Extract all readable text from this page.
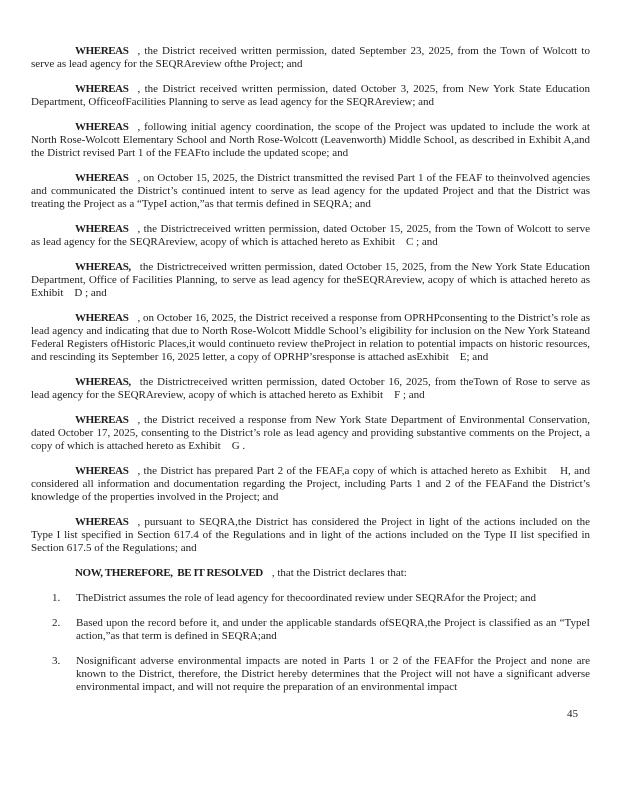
WHEREAS , the District received written permission, dated September 23, 2025, from the Town of Wolcott to serve as lead agency for the SEQRAreview ofthe Project; and

WHEREAS , the District received written permission, dated October 3, 2025, from New York State Education Department, OfficeofFacilities Planning to serve as lead agency for the SEQRAreview; and

WHEREAS , following initial agency coordination, the scope of the Project was updated to include the work at North Rose-Wolcott Elementary School and North Rose-Wolcott (Leavenworth) Middle School, as described in Exhibit A,and the District revised Part 1 of the FEAFto include the updated scope; and

WHEREAS , on October 15, 2025, the District transmitted the revised Part 1 of the FEAF to theinvolved agencies and communicated the District’s continued intent to serve as lead agency for the updated Project and that the District was treating the Project as a “TypeI action,”as that termis defined in SEQRA; and

WHEREAS , the Districtreceived written permission, dated October 15, 2025, from the Town of Wolcott to serve as lead agency for the SEQRAreview, acopy of which is attached hereto as Exhibit    C ; and

WHEREAS, the Districtreceived written permission, dated October 15, 2025, from the New York State Education Department, Office of Facilities Planning, to serve as lead agency for theSEQRAreview, acopy of which is attached hereto as Exhibit    D ; and

WHEREAS , on October 16, 2025, the District received a response from OPRHPconsenting to the District’s role as lead agency and indicating that due to North Rose-Wolcott Middle School’s eligibility for inclusion on the New York Stateand Federal Registers ofHistoric Places,it would continueto review theProject in relation to potential impacts on historic resources, and rescinding its September 16, 2025 letter, a copy of OPRHP’sresponse is attached asExhibit    E; and

WHEREAS, the Districtreceived written permission, dated October 16, 2025, from theTown of Rose to serve as lead agency for the SEQRAreview, acopy of which is attached hereto as Exhibit    F ; and

WHEREAS , the District received a response from New York State Department of Environmental Conservation, dated October 17, 2025, consenting to the District’s role as lead agency and providing substantive comments on the Project, a copy of which is attached hereto as Exhibit    G .

WHEREAS , the District has prepared Part 2 of the FEAF,a copy of which is attached hereto as Exhibit    H, and considered all information and documentation regarding the Project, including Parts 1 and 2 of the FEAFand the District’s knowledge of the properties involved in the Project; and

WHEREAS , pursuant to SEQRA,the District has considered the Project in light of the actions included on the Type I list specified in Section 617.4 of the Regulations and in light of the actions included on the Type II list specified in Section 617.5 of the Regulations; and

NOW, THEREFORE,  BE IT RESOLVED , that the District declares that:

1.	TheDistrict assumes the role of lead agency for thecoordinated review under SEQRAfor the Project; and
2.	Based upon the record before it, and under the applicable standards ofSEQRA,the Project is classified as an “TypeI action,”as that term is defined in SEQRA;and
3.	Nosignificant adverse environmental impacts are noted in Parts 1 or 2 of the FEAFfor the Project and none are known to the District, therefore, the District hereby determines that the Project will not have a significant adverse environmental impact, and will not require the preparation of an environmental impact
45
